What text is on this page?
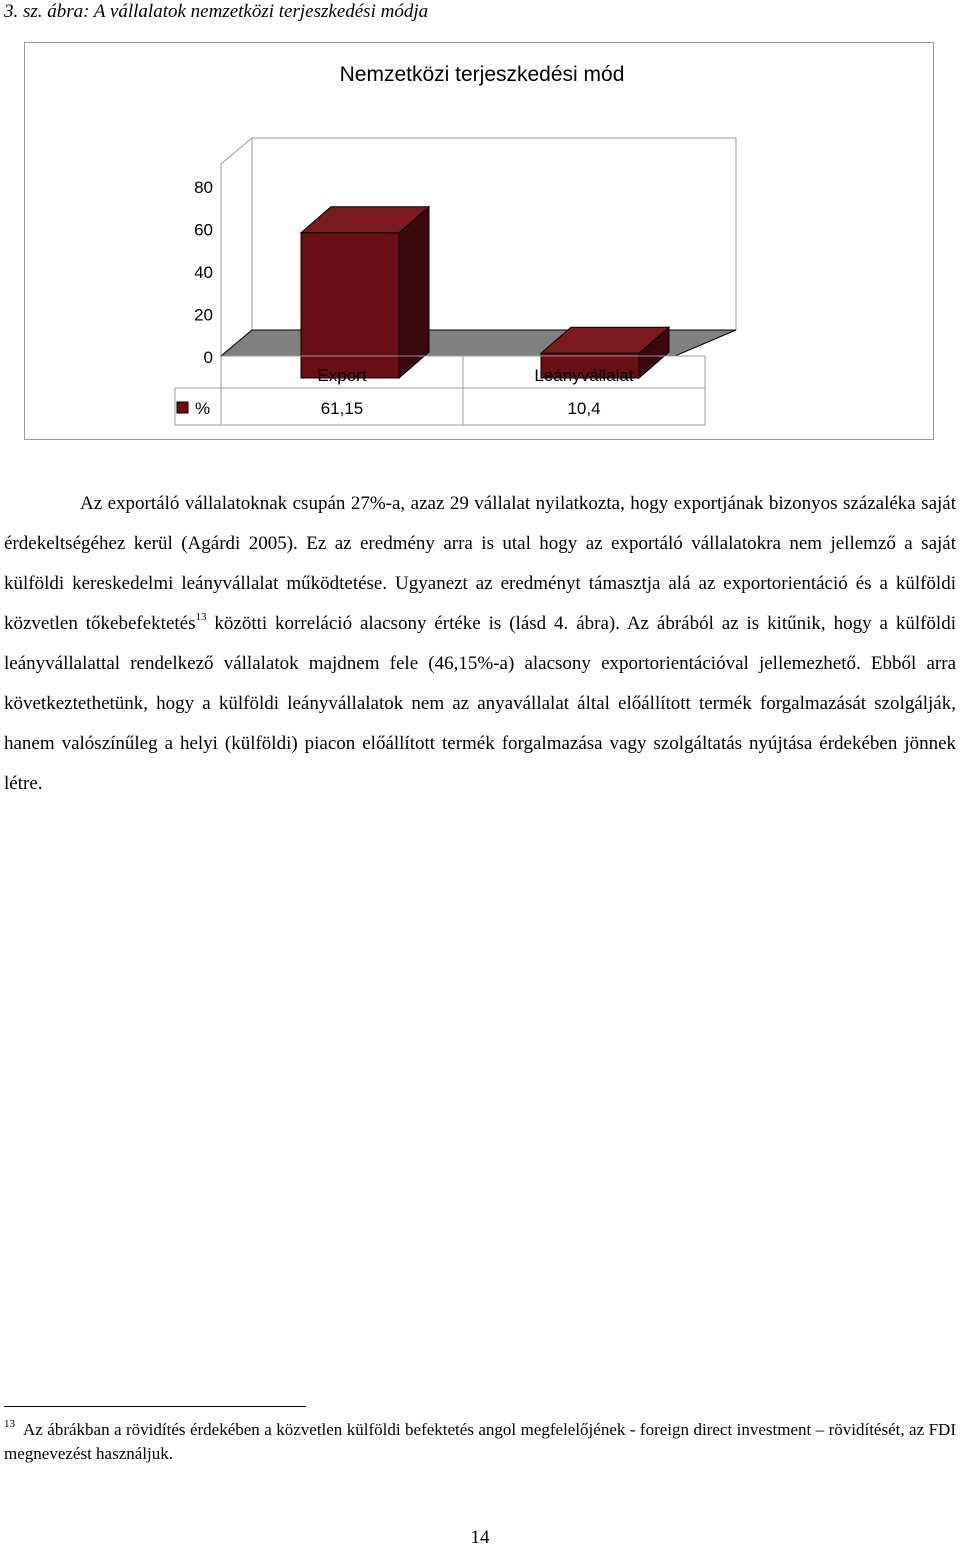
3. sz. ábra: A vállalatok nemzetközi terjeszkedési módja
Nemzetközi terjeszkedési mód
0
20
40
60
80
Export	Leányvállalat
61,15	10,4
%

Az exportáló vállalatoknak csupán 27%-a, azaz 29 vállalat nyilatkozta, hogy exportjának bizonyos százaléka saját érdekeltségéhez kerül (Agárdi 2005). Ez az eredmény arra is utal hogy az exportáló vállalatokra nem jellemző a saját külföldi kereskedelmi leányvállalat működtetése. Ugyanezt az eredményt támasztja alá az exportorientáció és a külföldi közvetlen tőkebefektetés$^{13}$ közötti korreláció alacsony értéke is (lásd 4. ábra). Az ábrából az is kitűnik, hogy a külföldi leányvállalattal rendelkező vállalatok majdnem fele (46,15%-a) alacsony exportorientációval jellemezhető. Ebből arra következtethetünk, hogy a külföldi leányvállalatok nem az anyavállalat által előállított termék forgalmazását szolgálják, hanem valószínűleg a helyi (külföldi) piacon előállított termék forgalmazása vagy szolgáltatás nyújtása érdekében jönnek létre.

$^{13}$ Az ábrákban a rövidítés érdekében a közvetlen külföldi befektetés angol megfelelőjének - foreign direct investment – rövidítését, az FDI megnevezést használjuk.

14
